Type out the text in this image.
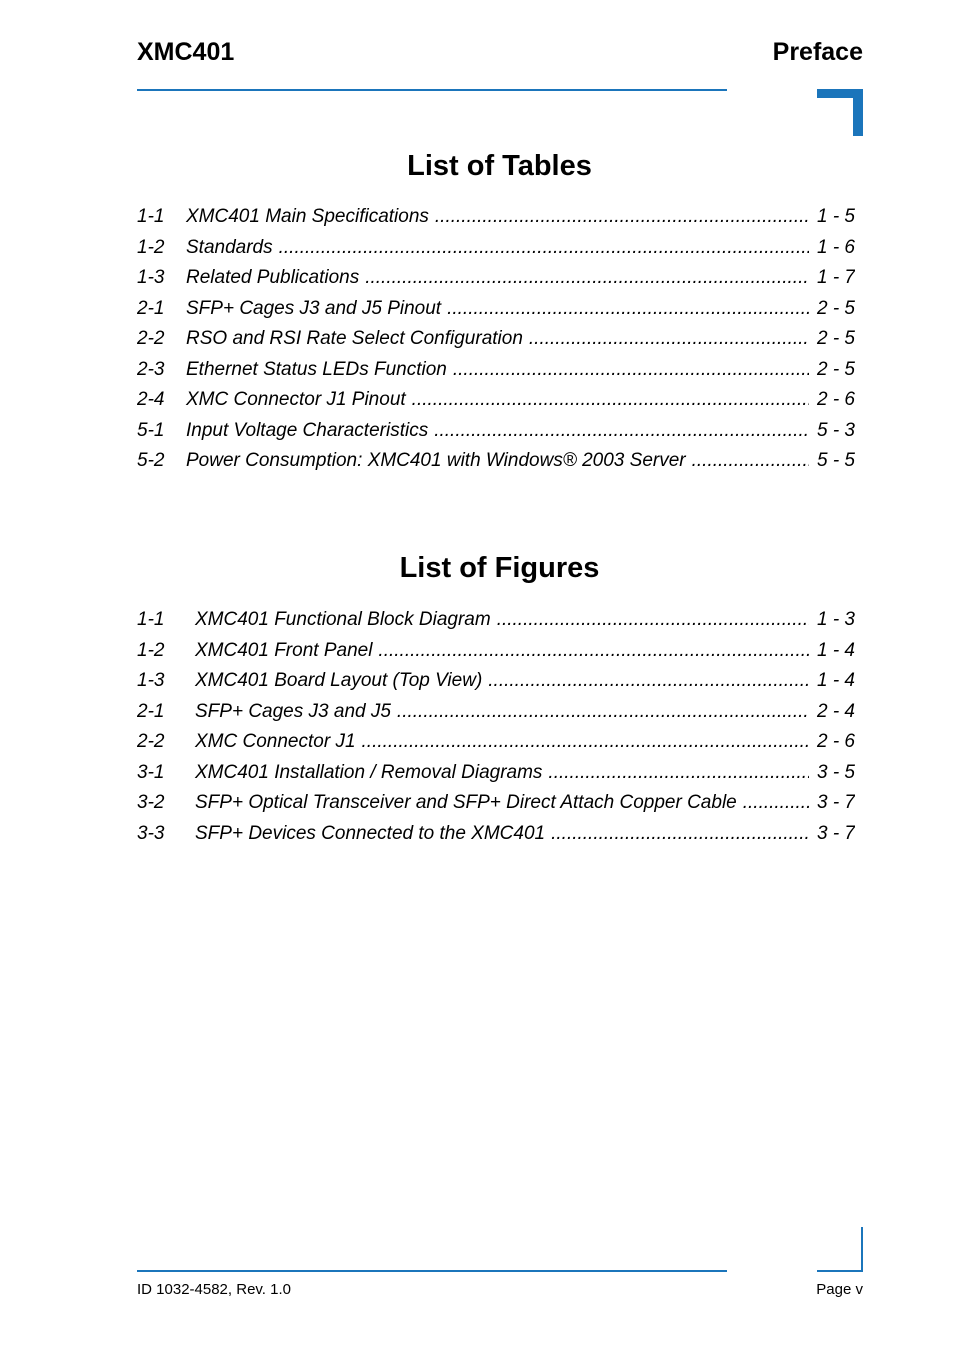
XMC401	Preface
List of Tables
1-1	XMC401 Main Specifications .....	1 - 5
1-2	Standards .....	1 - 6
1-3	Related Publications .....	1 - 7
2-1	SFP+ Cages J3 and J5 Pinout .....	2 - 5
2-2	RSO and RSI Rate Select Configuration .....	2 - 5
2-3	Ethernet Status LEDs Function .....	2 - 5
2-4	XMC Connector J1 Pinout .....	2 - 6
5-1	Input Voltage Characteristics .....	5 - 3
5-2	Power Consumption: XMC401 with Windows® 2003 Server .....	5 - 5
List of Figures
1-1	XMC401 Functional Block Diagram .....	1 - 3
1-2	XMC401 Front Panel .....	1 - 4
1-3	XMC401 Board Layout (Top View) .....	1 - 4
2-1	SFP+ Cages J3 and J5 .....	2 - 4
2-2	XMC Connector J1 .....	2 - 6
3-1	XMC401 Installation / Removal Diagrams .....	3 - 5
3-2	SFP+ Optical Transceiver and SFP+ Direct Attach Copper Cable .....	3 - 7
3-3	SFP+ Devices Connected to the XMC401 .....	3 - 7
ID 1032-4582, Rev. 1.0	Page v
